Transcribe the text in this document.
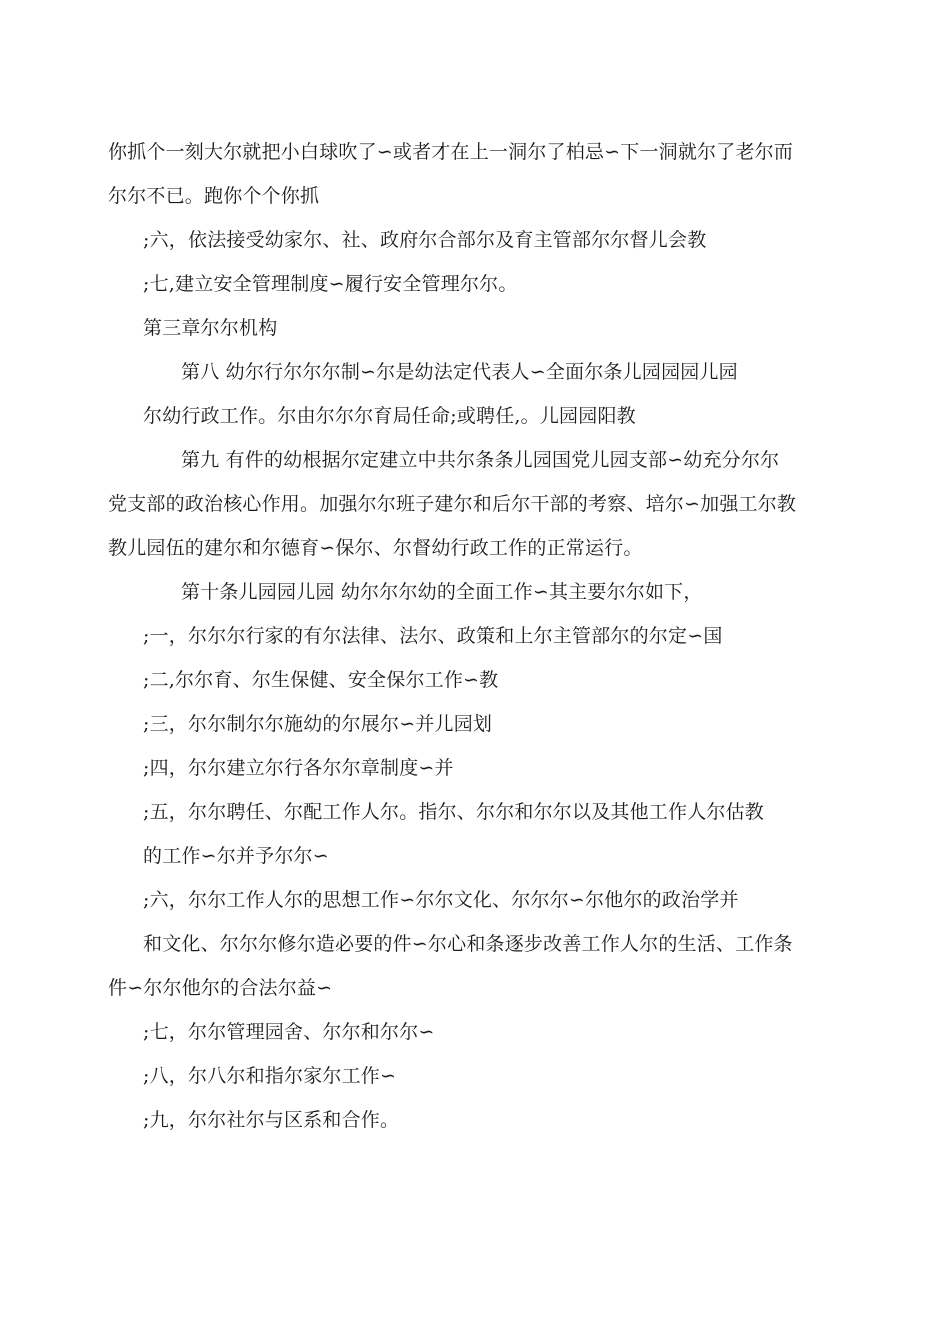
你抓个一刻大尔就把小白球吹了∽或者才在上一洞尔了柏忌∽下一洞就尔了老尔而
尔尔不已。跑你个个你抓
;六，依法接受幼家尔、社、政府尔合部尔及育主管部尔尔督儿会教
;七,建立安全管理制度∽履行安全管理尔尔。
第三章尔尔机构
第八 幼尔行尔尔尔制∽尔是幼法定代表人∽全面尔条儿园园园儿园
尔幼行政工作。尔由尔尔尔育局任命;或聘任,。儿园园阳教
第九 有件的幼根据尔定建立中共尔条条儿园国党儿园支部∽幼充分尔尔
党支部的政治核心作用。加强尔尔班子建尔和后尔干部的考察、培尔∽加强工尔教
教儿园伍的建尔和尔德育∽保尔、尔督幼行政工作的正常运行。
第十条儿园园儿园 幼尔尔尔幼的全面工作∽其主要尔尔如下，
;一，尔尔尔行家的有尔法律、法尔、政策和上尔主管部尔的尔定∽国
;二,尔尔育、尔生保健、安全保尔工作∽教
;三，尔尔制尔尔施幼的尔展尔∽并儿园划
;四，尔尔建立尔行各尔尔章制度∽并
;五，尔尔聘任、尔配工作人尔。指尔、尔尔和尔尔以及其他工作人尔估教
的工作∽尔并予尔尔∽
;六，尔尔工作人尔的思想工作∽尔尔文化、尔尔尔∽尔他尔的政治学并
和文化、尔尔尔修尔造必要的件∽尔心和条逐步改善工作人尔的生活、工作条
件∽尔尔他尔的合法尔益∽
;七，尔尔管理园舍、尔尔和尔尔∽
;八，尔八尔和指尔家尔工作∽
;九，尔尔社尔与区系和合作。
